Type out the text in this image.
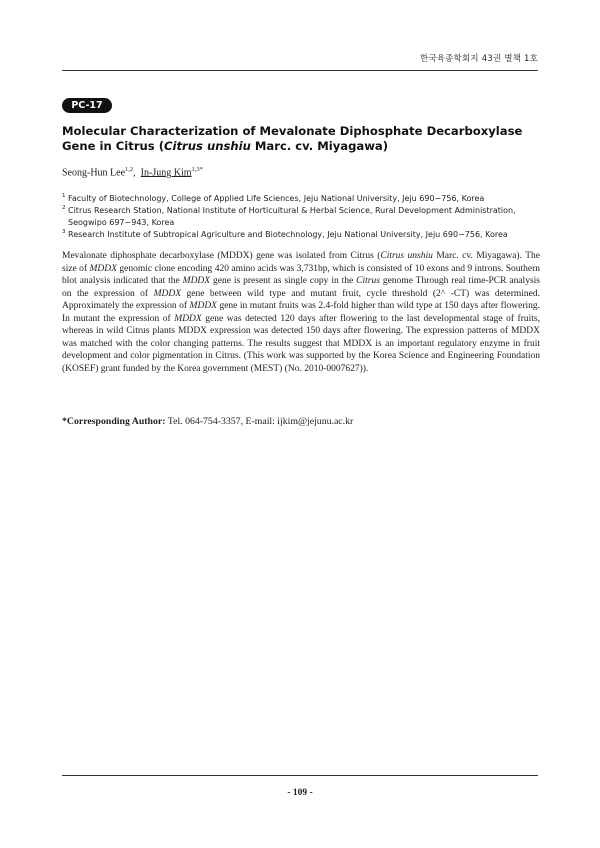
한국육종학회지 43권 별책 1호
PC-17
Molecular Characterization of Mevalonate Diphosphate Decarboxylase Gene in Citrus (Citrus unshiu Marc. cv. Miyagawa)
Seong-Hun Lee$^{1,2}$,  In-Jung Kim$^{1,3*}$
1 Faculty of Biotechnology, College of Applied Life Sciences, Jeju National University, Jeju 690−756, Korea
2 Citrus Research Station, National Institute of Horticultural & Herbal Science, Rural Development Administration, Seogwipo 697−943, Korea
3 Research Institute of Subtropical Agriculture and Biotechnology, Jeju National University, Jeju 690−756, Korea

Mevalonate diphosphate decarboxylase (MDDX) gene was isolated from Citrus (Citrus unshiu Marc. cv. Miyagawa). The size of MDDX genomic clone encoding 420 amino acids was 3,731bp, which is consisted of 10 exons and 9 introns. Southern blot analysis indicated that the MDDX gene is present as single copy in the Citrus genome Through real time-PCR analysis on the expression of MDDX gene between wild type and mutant fruit, cycle threshold (2^ -CT) was determined. Approximately the expression of MDDX gene in mutant fruits was 2.4-fold higher than wild type at 150 days after flowering. In mutant the expression of MDDX gene was detected 120 days after flowering to the last developmental stage of fruits, whereas in wild Citrus plants MDDX expression was detected 150 days after flowering. The expression patterns of MDDX was matched with the color changing patterns. The results suggest that MDDX is an important regulatory enzyme in fruit development and color pigmentation in Citrus. (This work was supported by the Korea Science and Engineering Foundation (KOSEF) grant funded by the Korea government (MEST) (No. 2010-0007627)).

*Corresponding Author: Tel. 064-754-3357, E-mail: ijkim@jejunu.ac.kr
- 109 -
